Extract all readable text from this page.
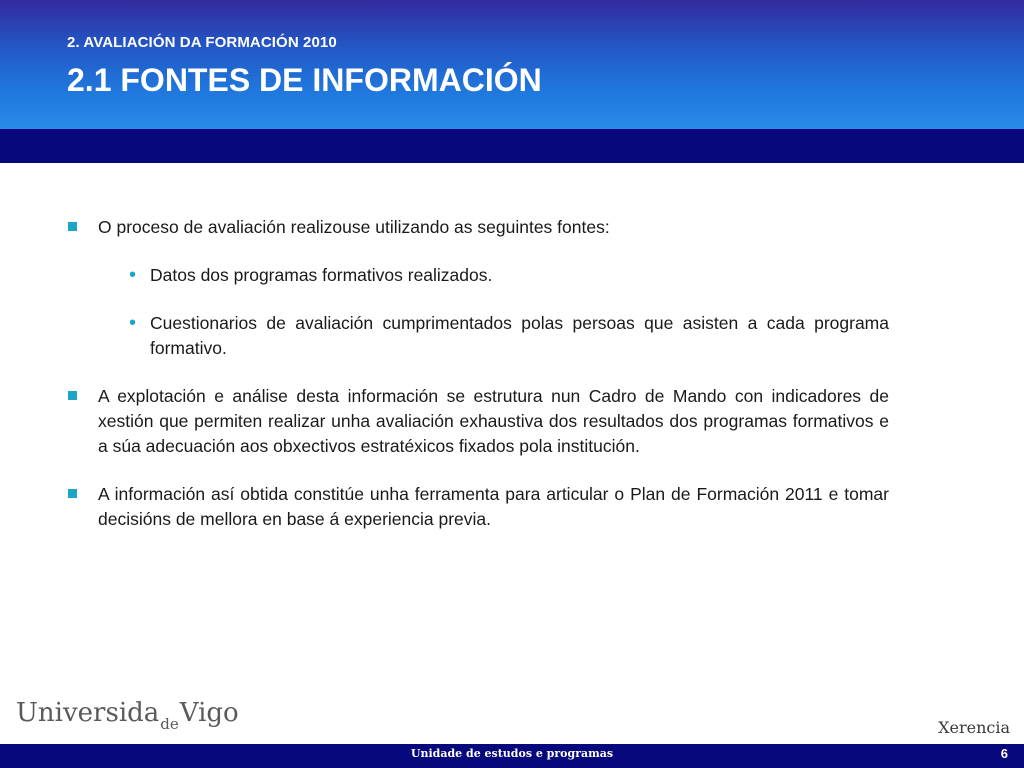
2. AVALIACIÓN DA FORMACIÓN 2010
2.1 FONTES DE INFORMACIÓN
O proceso de avaliación realizouse utilizando as seguintes fontes:
• Datos dos programas formativos realizados.
• Cuestionarios de avaliación cumprimentados polas persoas que asisten a cada programa formativo.
A explotación e análise desta información se estrutura nun Cadro de Mando con indicadores de xestión que permiten realizar unha avaliación exhaustiva dos resultados dos programas formativos e a súa adecuación aos obxectivos estratéxicos fixados pola institución.
A información así obtida constitúe unha ferramenta para articular o Plan de Formación 2011 e tomar decisións de mellora en base á experiencia previa.
Universida$_{de}$Vigo	Xerencia
Unidade de estudos e programas	6
